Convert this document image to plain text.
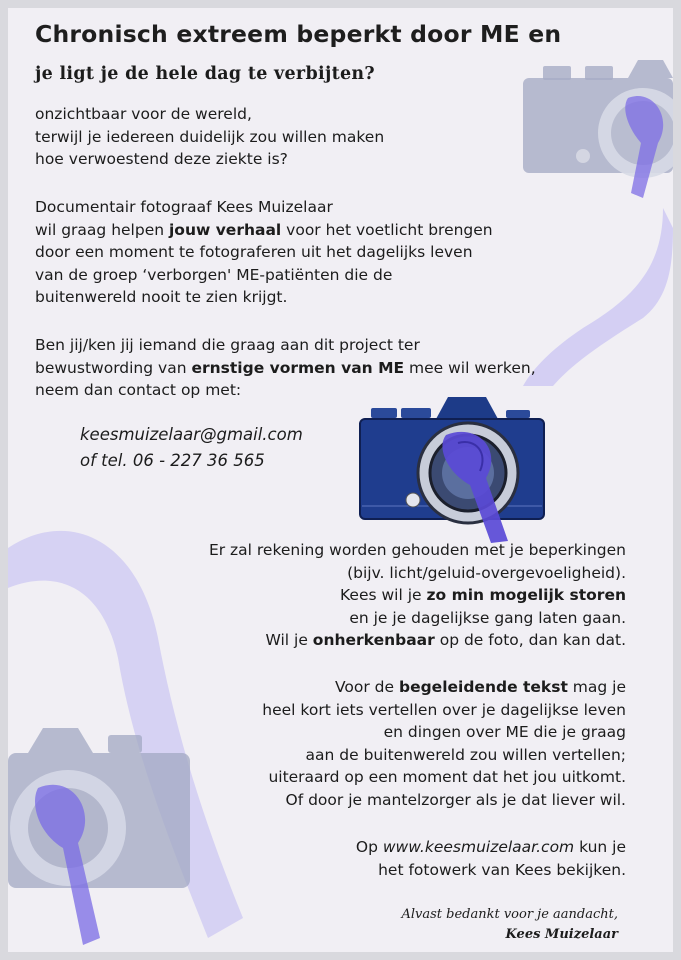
Chronisch extreem beperkt door ME en
je ligt je de hele dag te verbijten?
onzichtbaar voor de wereld,
terwijl je iedereen duidelijk zou willen maken
hoe verwoestend deze ziekte is?
Documentair fotograaf Kees Muizelaar
wil graag helpen jouw verhaal voor het voetlicht brengen
door een moment te fotograferen uit het dagelijks leven
van de groep ‘verborgen' ME-patiënten die de
buitenwereld nooit te zien krijgt.
Ben jij/ken jij iemand die graag aan dit project ter
bewustwording van ernstige vormen van ME mee wil werken,
neem dan contact op met:
keesmuizelaar@gmail.com
of tel. 06 - 227 36 565
Er zal rekening worden gehouden met je beperkingen
(bijv. licht/geluid-overgevoeligheid).
Kees wil je zo min mogelijk storen
en je je dagelijkse gang laten gaan.
Wil je onherkenbaar op de foto, dan kan dat.
Voor de begeleidende tekst mag je
heel kort iets vertellen over je dagelijkse leven
en dingen over ME die je graag
aan de buitenwereld zou willen vertellen;
uiteraard op een moment dat het jou uitkomt.
Of door je mantelzorger als je dat liever wil.
Op www.keesmuizelaar.com kun je
het fotowerk van Kees bekijken.
Alvast bedankt voor je aandacht,
Kees Muizelaar
